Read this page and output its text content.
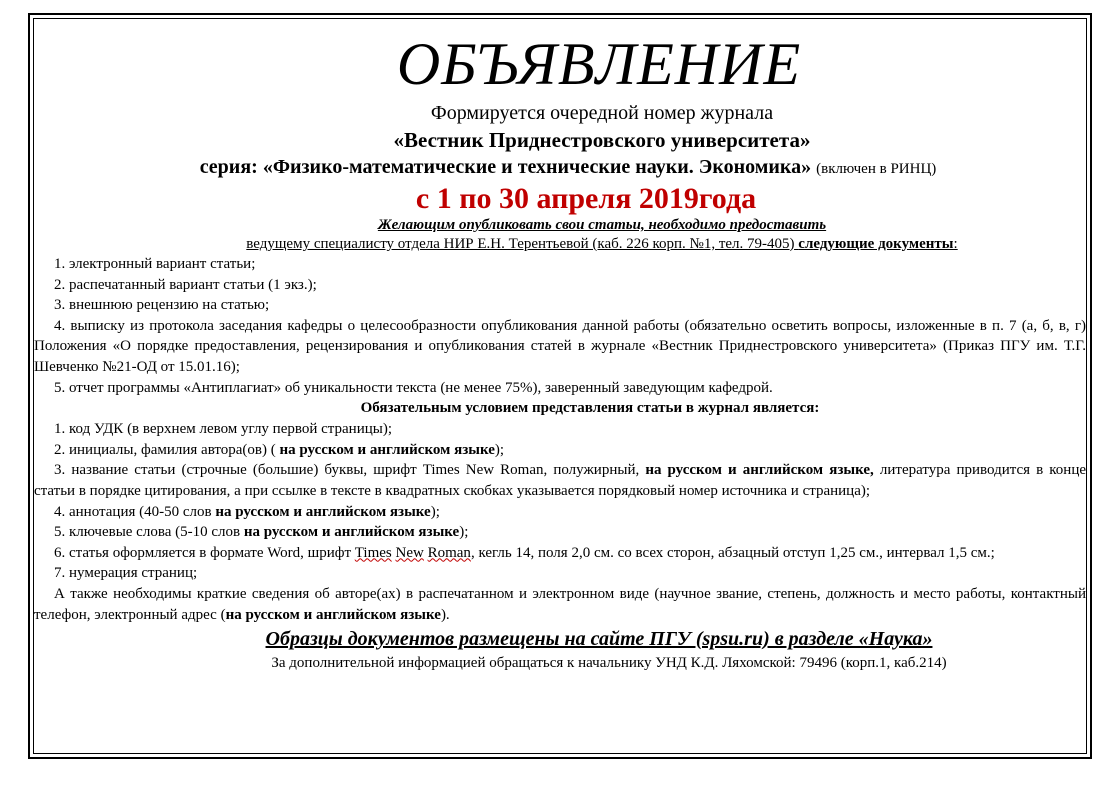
ОБЪЯВЛЕНИЕ
Формируется очередной номер журнала
«Вестник Приднестровского университета»
серия: «Физико-математические и технические науки. Экономика» (включен в РИНЦ)
с 1 по 30 апреля 2019года
Желающим опубликовать свои статьи, необходимо предоставить
ведущему специалисту отдела НИР Е.Н. Терентьевой (каб. 226 корп. №1, тел. 79-405) следующие документы:

1. электронный вариант статьи;

2. распечатанный вариант статьи (1 экз.);

3. внешнюю рецензию на статью;

4. выписку из протокола заседания кафедры о целесообразности опубликования данной работы (обязательно осветить вопросы, изложенные в п. 7 (а, б, в, г) Положения «О порядке предоставления, рецензирования и опубликования статей в журнале «Вестник Приднестровского университета» (Приказ ПГУ им. Т.Г. Шевченко №21-ОД от 15.01.16);

5. отчет программы «Антиплагиат» об уникальности текста (не менее 75%), заверенный заведующим кафедрой.

Обязательным условием представления статьи в журнал является:

1. код УДК (в верхнем левом углу первой страницы);

2. инициалы, фамилия автора(ов) ( на русском и английском языке);

3. название статьи (строчные (большие) буквы, шрифт Times New Roman, полужирный, на русском и английском языке, литература приводится в конце статьи в порядке цитирования, а при ссылке в тексте в квадратных скобках указывается порядковый номер источника и страница);

4. аннотация (40-50 слов на русском и английском языке);

5. ключевые слова (5-10 слов на русском и английском языке);

6. статья оформляется в формате Word, шрифт Times New Roman, кегль 14, поля 2,0 см. со всех сторон, абзацный отступ 1,25 см., интервал 1,5 см.;

7. нумерация страниц;

А также необходимы краткие сведения об авторе(ах) в распечатанном и электронном виде (научное звание, степень, должность и место работы, контактный телефон, электронный адрес (на русском и английском языке).

Образцы документов размещены на сайте ПГУ (spsu.ru) в разделе «Наука»
За дополнительной информацией обращаться к начальнику УНД К.Д. Ляхомской: 79496 (корп.1, каб.214)
